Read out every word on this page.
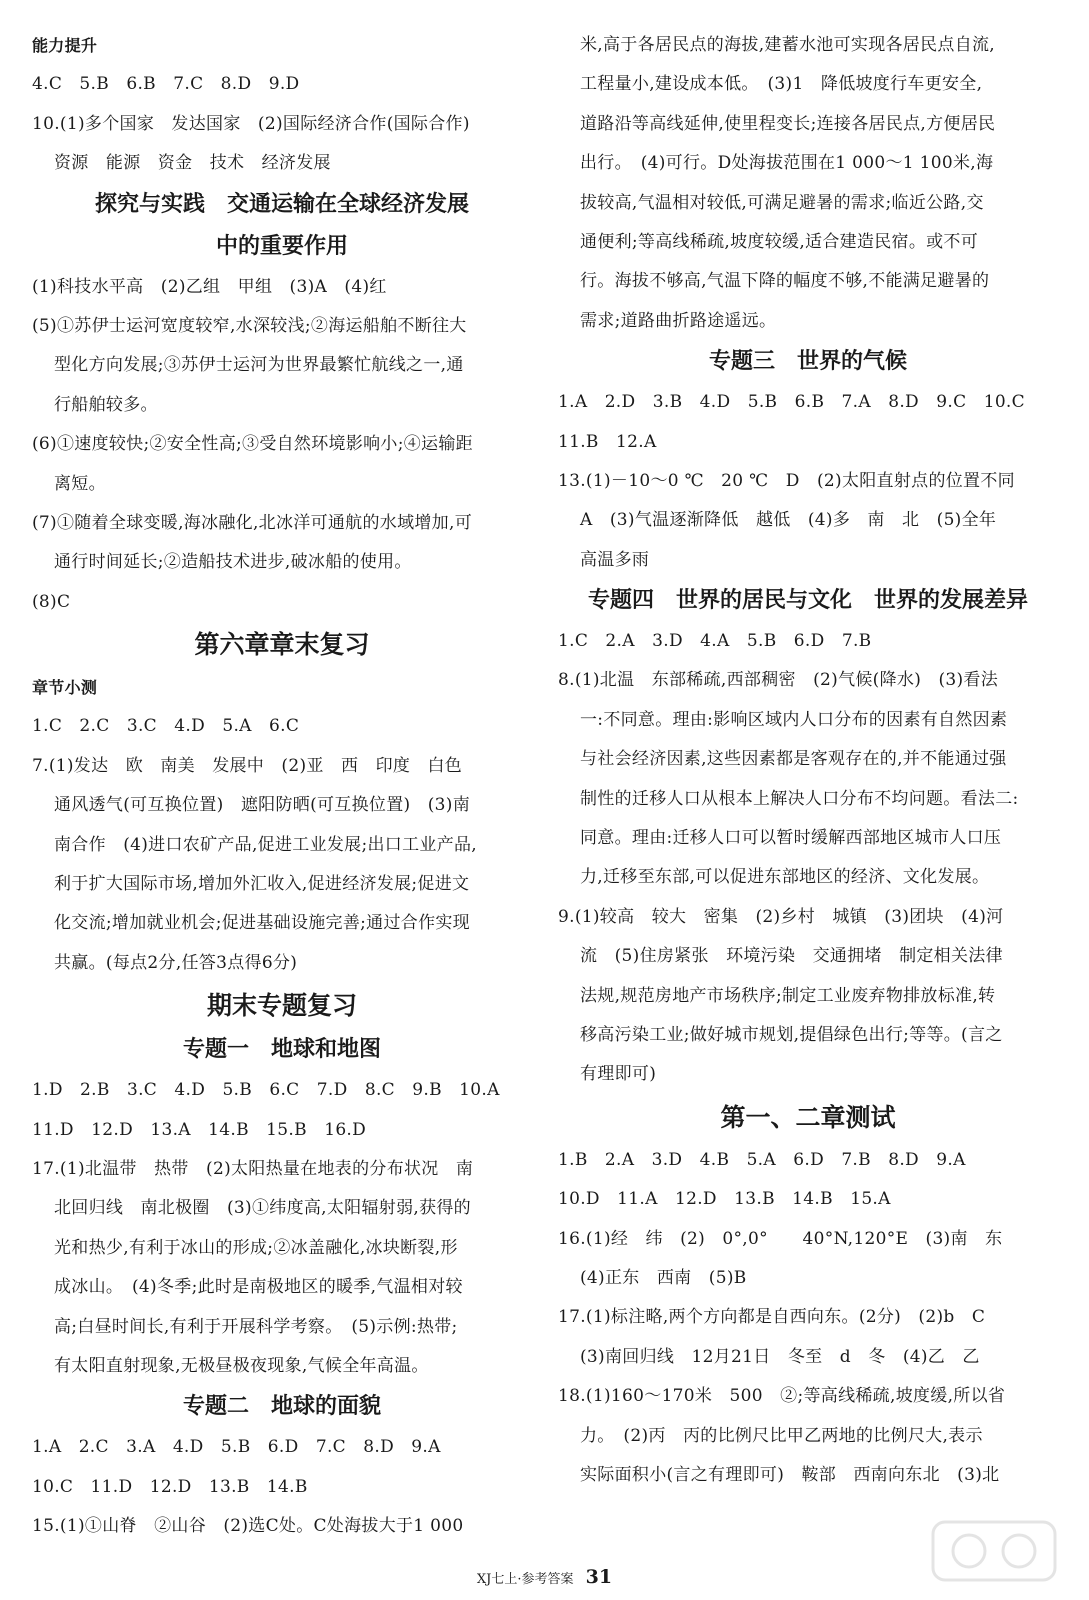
能力提升
4.C　5.B　6.B　7.C　8.D　9.D
10.(1)多个国家　发达国家　(2)国际经济合作(国际合作)
资源　能源　资金　技术　经济发展
探究与实践　交通运输在全球经济发展
中的重要作用
(1)科技水平高　(2)乙组　甲组　(3)A　(4)红
(5)①苏伊士运河宽度较窄,水深较浅;②海运船舶不断往大
型化方向发展;③苏伊士运河为世界最繁忙航线之一,通
行船舶较多。
(6)①速度较快;②安全性高;③受自然环境影响小;④运输距
离短。
(7)①随着全球变暖,海冰融化,北冰洋可通航的水域增加,可
通行时间延长;②造船技术进步,破冰船的使用。
(8)C
第六章章末复习
章节小测
1.C　2.C　3.C　4.D　5.A　6.C
7.(1)发达　欧　南美　发展中　(2)亚　西　印度　白色
通风透气(可互换位置)　遮阳防晒(可互换位置)　(3)南
南合作　(4)进口农矿产品,促进工业发展;出口工业产品,
利于扩大国际市场,增加外汇收入,促进经济发展;促进文
化交流;增加就业机会;促进基础设施完善;通过合作实现
共赢。(每点2分,任答3点得6分)
期末专题复习
专题一　地球和地图
1.D　2.B　3.C　4.D　5.B　6.C　7.D　8.C　9.B　10.A
11.D　12.D　13.A　14.B　15.B　16.D
17.(1)北温带　热带　(2)太阳热量在地表的分布状况　南
北回归线　南北极圈　(3)①纬度高,太阳辐射弱,获得的
光和热少,有利于冰山的形成;②冰盖融化,冰块断裂,形
成冰山。　(4)冬季;此时是南极地区的暖季,气温相对较
高;白昼时间长,有利于开展科学考察。　(5)示例:热带;
有太阳直射现象,无极昼极夜现象,气候全年高温。
专题二　地球的面貌
1.A　2.C　3.A　4.D　5.B　6.D　7.C　8.D　9.A
10.C　11.D　12.D　13.B　14.B
15.(1)①山脊　②山谷　(2)选C处。C处海拔大于1 000
米,高于各居民点的海拔,建蓄水池可实现各居民点自流,
工程量小,建设成本低。　(3)1　降低坡度行车更安全,
道路沿等高线延伸,使里程变长;连接各居民点,方便居民
出行。　(4)可行。D处海拔范围在1 000～1 100米,海
拔较高,气温相对较低,可满足避暑的需求;临近公路,交
通便利;等高线稀疏,坡度较缓,适合建造民宿。或不可
行。海拔不够高,气温下降的幅度不够,不能满足避暑的
需求;道路曲折路途遥远。
专题三　世界的气候
1.A　2.D　3.B　4.D　5.B　6.B　7.A　8.D　9.C　10.C
11.B　12.A
13.(1)－10～0 ℃　20 ℃　D　(2)太阳直射点的位置不同
A　(3)气温逐渐降低　越低　(4)多　南　北　(5)全年
高温多雨
专题四　世界的居民与文化　世界的发展差异
1.C　2.A　3.D　4.A　5.B　6.D　7.B
8.(1)北温　东部稀疏,西部稠密　(2)气候(降水)　(3)看法
一:不同意。理由:影响区域内人口分布的因素有自然因素
与社会经济因素,这些因素都是客观存在的,并不能通过强
制性的迁移人口从根本上解决人口分布不均问题。看法二:
同意。理由:迁移人口可以暂时缓解西部地区城市人口压
力,迁移至东部,可以促进东部地区的经济、文化发展。
9.(1)较高　较大　密集　(2)乡村　城镇　(3)团块　(4)河
流　(5)住房紧张　环境污染　交通拥堵　制定相关法律
法规,规范房地产市场秩序;制定工业废弃物排放标准,转
移高污染工业;做好城市规划,提倡绿色出行;等等。(言之
有理即可)
第一、二章测试
1.B　2.A　3.D　4.B　5.A　6.D　7.B　8.D　9.A
10.D　11.A　12.D　13.B　14.B　15.A
16.(1)经　纬　(2)　0°,0°　　40°N,120°E　(3)南　东
(4)正东　西南　(5)B
17.(1)标注略,两个方向都是自西向东。(2分)　(2)b　C
(3)南回归线　12月21日　冬至　d　冬　(4)乙　乙
18.(1)160～170米　500　②;等高线稀疏,坡度缓,所以省
力。　(2)丙　丙的比例尺比甲乙两地的比例尺大,表示
实际面积小(言之有理即可)　鞍部　西南向东北　(3)北
XJ七上·参考答案 31
